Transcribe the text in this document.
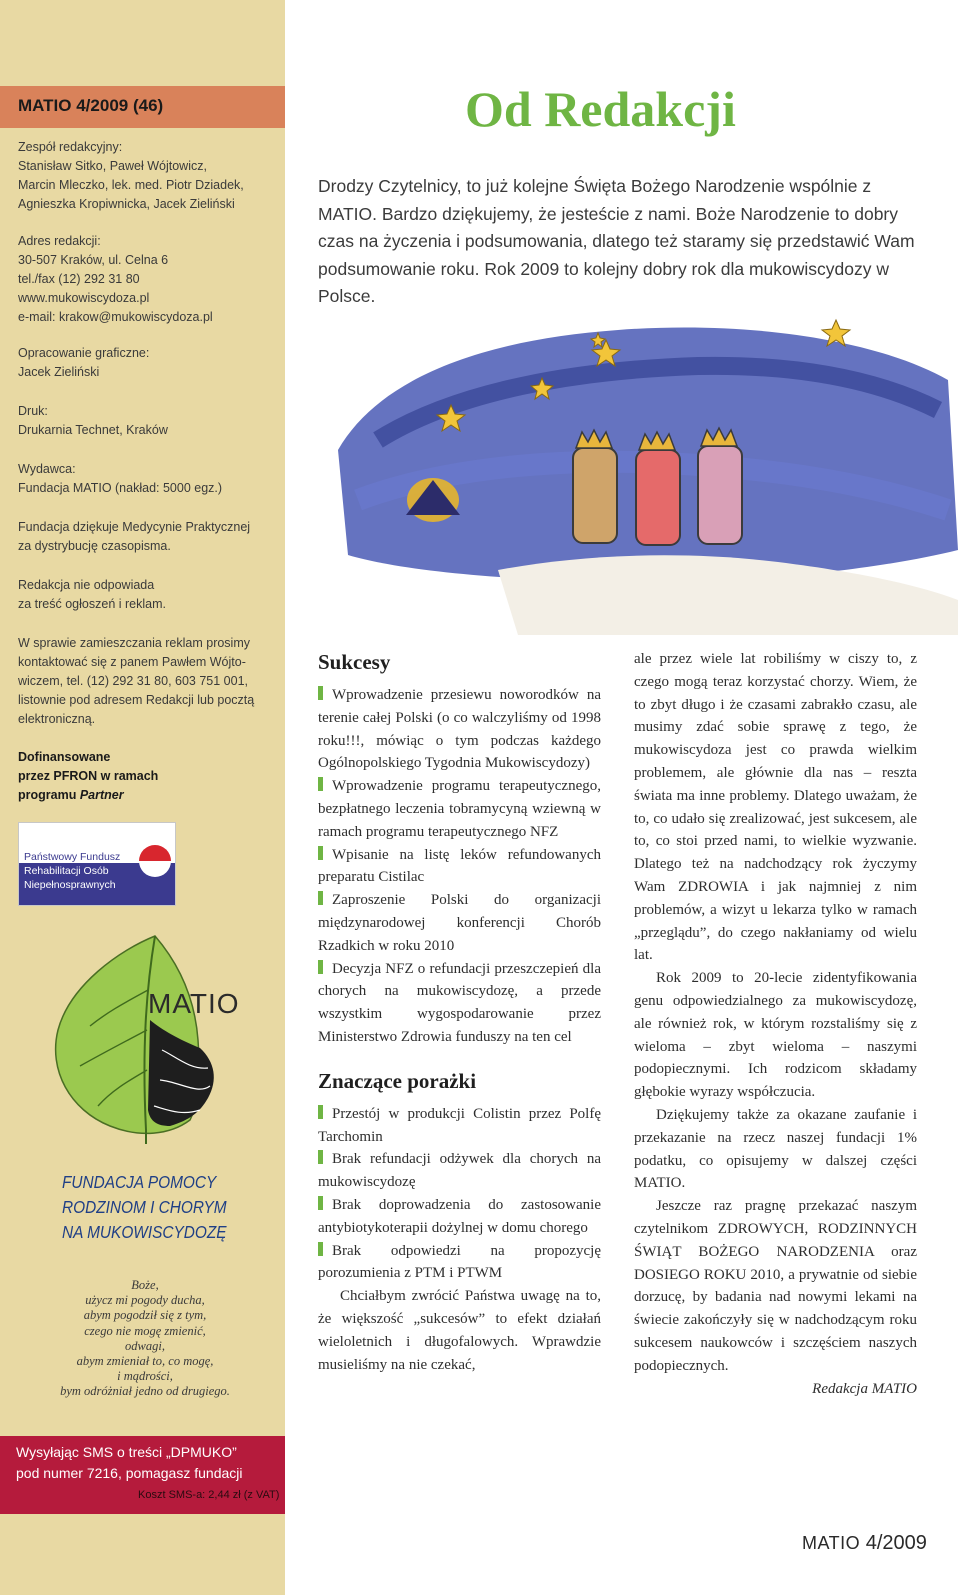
MATIO 4/2009 (46)
Zespół redakcyjny:
Stanisław Sitko, Paweł Wójtowicz,
Marcin Mleczko, lek. med. Piotr Dziadek,
Agnieszka Kropiwnicka, Jacek Zieliński
Adres redakcji:
30-507 Kraków, ul. Celna 6
tel./fax (12) 292 31 80
www.mukowiscydoza.pl
e-mail: krakow@mukowiscydoza.pl
Opracowanie graficzne:
Jacek Zieliński
Druk:
Drukarnia Technet, Kraków
Wydawca:
Fundacja MATIO (nakład: 5000 egz.)
Fundacja dziękuje Medycynie Praktycznej
za dystrybucję czasopisma.
Redakcja nie odpowiada
za treść ogłoszeń i reklam.
W sprawie zamieszczania reklam prosimy
kontaktować się z panem Pawłem Wójto-
wiczem, tel. (12) 292 31 80, 603 751 001,
listownie pod adresem Redakcji lub pocztą
elektroniczną.
Dofinansowane
przez PFRON w ramach
programu Partner
Państwowy Fundusz
Rehabilitacji Osób
Niepełnosprawnych
MATIO
FUNDACJA POMOCY
RODZINOM I CHORYM
NA MUKOWISCYDOZĘ
Boże,
użycz mi pogody ducha,
abym pogodził się z tym,
czego nie mogę zmienić,
odwagi,
abym zmieniał to, co mogę,
i mądrości,
bym odróżniał jedno od drugiego.
Wysyłając SMS o treści „DPMUKO”
pod numer 7216, pomagasz fundacji
Koszt SMS-a: 2,44 zł (z VAT)
Od Redakcji
Drodzy Czytelnicy, to już kolejne Święta Bożego Narodzenie wspólnie z MATIO. Bardzo dziękujemy, że jesteście z nami. Boże Narodzenie to dobry czas na życzenia i podsumowania, dlatego też staramy się przedstawić Wam podsumowanie roku. Rok 2009 to kolejny dobry rok dla mukowiscydozy w Polsce.
Sukcesy
Wprowadzenie przesiewu noworodków na terenie całej Polski (o co walczyliśmy od 1998 roku!!!, mówiąc o tym podczas każdego Ogólnopolskiego Tygodnia Mukowiscydozy)
Wprowadzenie programu terapeutycznego, bezpłatnego leczenia tobramycyną wziewną w ramach programu terapeutycznego NFZ
Wpisanie na listę leków refundowanych preparatu Cistilac
Zaproszenie Polski do organizacji międzynarodowej konferencji Chorób Rzadkich w roku 2010
Decyzja NFZ o refundacji przeszczepień dla chorych na mukowiscydozę, a przede wszystkim wygospodarowanie przez Ministerstwo Zdrowia funduszy na ten cel
Znaczące porażki
Przestój w produkcji Colistin przez Polfę Tarchomin
Brak refundacji odżywek dla chorych na mukowiscydozę
Brak doprowadzenia do zastosowanie antybiotykoterapii dożylnej w domu chorego
Brak odpowiedzi na propozycję porozumienia z PTM i PTWM
Chciałbym zwrócić Państwa uwagę na to, że większość „sukcesów” to efekt działań wieloletnich i długofalowych. Wprawdzie musieliśmy na nie czekać,
ale przez wiele lat robiliśmy w ciszy to, z czego mogą teraz korzystać chorzy. Wiem, że to zbyt długo i że czasami zabrakło czasu, ale musimy zdać sobie sprawę z tego, że mukowiscydoza jest co prawda wielkim problemem, ale głównie dla nas – reszta świata ma inne problemy. Dlatego uważam, że to, co udało się zrealizować, jest sukcesem, ale to, co stoi przed nami, to wielkie wyzwanie. Dlatego też na nadchodzący rok życzymy Wam ZDROWIA i jak najmniej z nim problemów, a wizyt u lekarza tylko w ramach „przeglądu”, do czego nakłaniamy od wielu lat.
Rok 2009 to 20-lecie zidentyfikowania genu odpowiedzialnego za mukowiscydozę, ale również rok, w którym rozstaliśmy się z wieloma – zbyt wieloma – naszymi podopiecznymi. Ich rodzicom składamy głębokie wyrazy współczucia.
Dziękujemy także za okazane zaufanie i przekazanie na rzecz naszej fundacji 1% podatku, co opisujemy w dalszej części MATIO.
Jeszcze raz pragnę przekazać naszym czytelnikom ZDROWYCH, RODZINNYCH ŚWIĄT BOŻEGO NARODZENIA oraz DOSIEGO ROKU 2010, a prywatnie od siebie dorzucę, by badania nad nowymi lekami na świecie zakończyły się w nadchodzącym roku sukcesem naukowców i szczęściem naszych podopiecznych.
Redakcja MATIO
MATIO 4/2009
